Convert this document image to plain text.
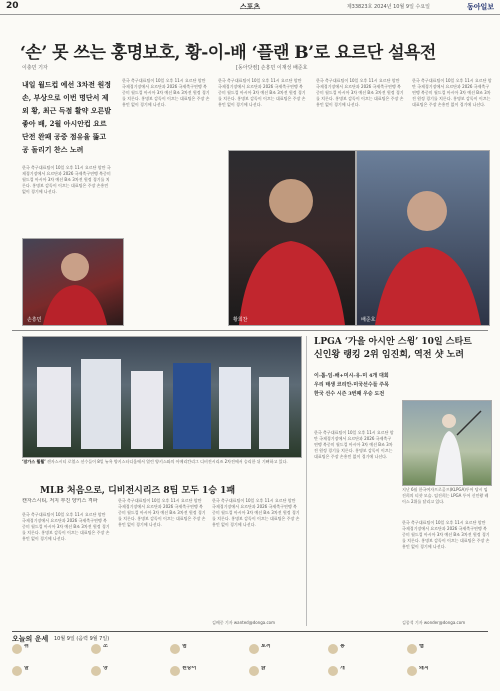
20	스포츠	제33823호 2024년 10월 9일 수요일	동아일보
‘손’ 못 쓰는 홍명보호, 황-이-배 ‘플랜 B’로 요르단 설욕전
이충민 기자	[동아닷컴] 손흥민 이재성 배준호
내일 월드컵 예선 3차전 원정 손, 부상으로 이번 명단서 제외 황, 최근 득점 활약 오른발 좋아 배, 2월 아시안컵 요르단전 완패 공중 점유율 뚫고 공 돌리기 찬스 노려
한국 축구대표팀이 10일 오후 11시 요르단 암만 국제경기장에서 요르단과 2026 국제축구연맹 북중미 월드컵 아시아 3차 예선 B조 3차전 원정 경기를 치른다. 홍명보 감독이 이끄는 대표팀은 주장 손흥민 없이 경기에 나선다.
한국 축구대표팀이 10일 오후 11시 요르단 암만 국제경기장에서 요르단과 2026 국제축구연맹 북중미 월드컵 아시아 3차 예선 B조 3차전 원정 경기를 치른다. 홍명보 감독이 이끄는 대표팀은 주장 손흥민 없이 경기에 나선다.
한국 축구대표팀이 10일 오후 11시 요르단 암만 국제경기장에서 요르단과 2026 국제축구연맹 북중미 월드컵 아시아 3차 예선 B조 3차전 원정 경기를 치른다. 홍명보 감독이 이끄는 대표팀은 주장 손흥민 없이 경기에 나선다.
한국 축구대표팀이 10일 오후 11시 요르단 암만 국제경기장에서 요르단과 2026 국제축구연맹 북중미 월드컵 아시아 3차 예선 B조 3차전 원정 경기를 치른다. 홍명보 감독이 이끄는 대표팀은 주장 손흥민 없이 경기에 나선다.
한국 축구대표팀이 10일 오후 11시 요르단 암만 국제경기장에서 요르단과 2026 국제축구연맹 북중미 월드컵 아시아 3차 예선 B조 3차전 원정 경기를 치른다. 홍명보 감독이 이끄는 대표팀은 주장 손흥민 없이 경기에 나선다.
손흥민	황희찬	배준호
‘잠가스 훨훨’ 캔자스시티 로열스 선수들이 8일 뉴욕 양키스타디움에서 열린 양키스와의 아메리칸리그 디비전시리즈 2차전에서 승리한 뒤 기뻐하고 있다.
MLB 처음으로, 디비전시리즈 8팀 모두 1승 1패
캔자스시티, 저지 부진 양키스 격파
한국 축구대표팀이 10일 오후 11시 요르단 암만 국제경기장에서 요르단과 2026 국제축구연맹 북중미 월드컵 아시아 3차 예선 B조 3차전 원정 경기를 치른다. 홍명보 감독이 이끄는 대표팀은 주장 손흥민 없이 경기에 나선다.
한국 축구대표팀이 10일 오후 11시 요르단 암만 국제경기장에서 요르단과 2026 국제축구연맹 북중미 월드컵 아시아 3차 예선 B조 3차전 원정 경기를 치른다. 홍명보 감독이 이끄는 대표팀은 주장 손흥민 없이 경기에 나선다.
한국 축구대표팀이 10일 오후 11시 요르단 암만 국제경기장에서 요르단과 2026 국제축구연맹 북중미 월드컵 아시아 3차 예선 B조 3차전 원정 경기를 치른다. 홍명보 감독이 이끄는 대표팀은 주장 손흥민 없이 경기에 나선다.
김배중 기자 wanted@donga.com
LPGA ‘가을 아시안 스윙’ 10일 스타트
신인왕 랭킹 2위 임진희, 역전 샷 노려
이-톱-임-배+미시-유-미 4개 대회 우리 태생 코리안-미국선수들 주목 한국 선수 시즌 3번째 우승 도전
한국 축구대표팀이 10일 오후 11시 요르단 암만 국제경기장에서 요르단과 2026 국제축구연맹 북중미 월드컵 아시아 3차 예선 B조 3차전 원정 경기를 치른다. 홍명보 감독이 이끄는 대표팀은 주장 손흥민 없이 경기에 나선다.
지난 6월 한국여자프로골프(KLPGA)투어 당시 임진희의 티샷 모습. 임진희는 LPGA 투어 신인왕 레이스 2위를 달리고 있다.
한국 축구대표팀이 10일 오후 11시 요르단 암만 국제경기장에서 요르단과 2026 국제축구연맹 북중미 월드컵 아시아 3차 예선 B조 3차전 원정 경기를 치른다. 홍명보 감독이 이끄는 대표팀은 주장 손흥민 없이 경기에 나선다.
김종석 기자 wonder@donga.com
오늘의 운세 10월 9일 (음력 9월 7일)
쥐	소	범	토끼	용	뱀
말	양	원숭이	닭	개	돼지
